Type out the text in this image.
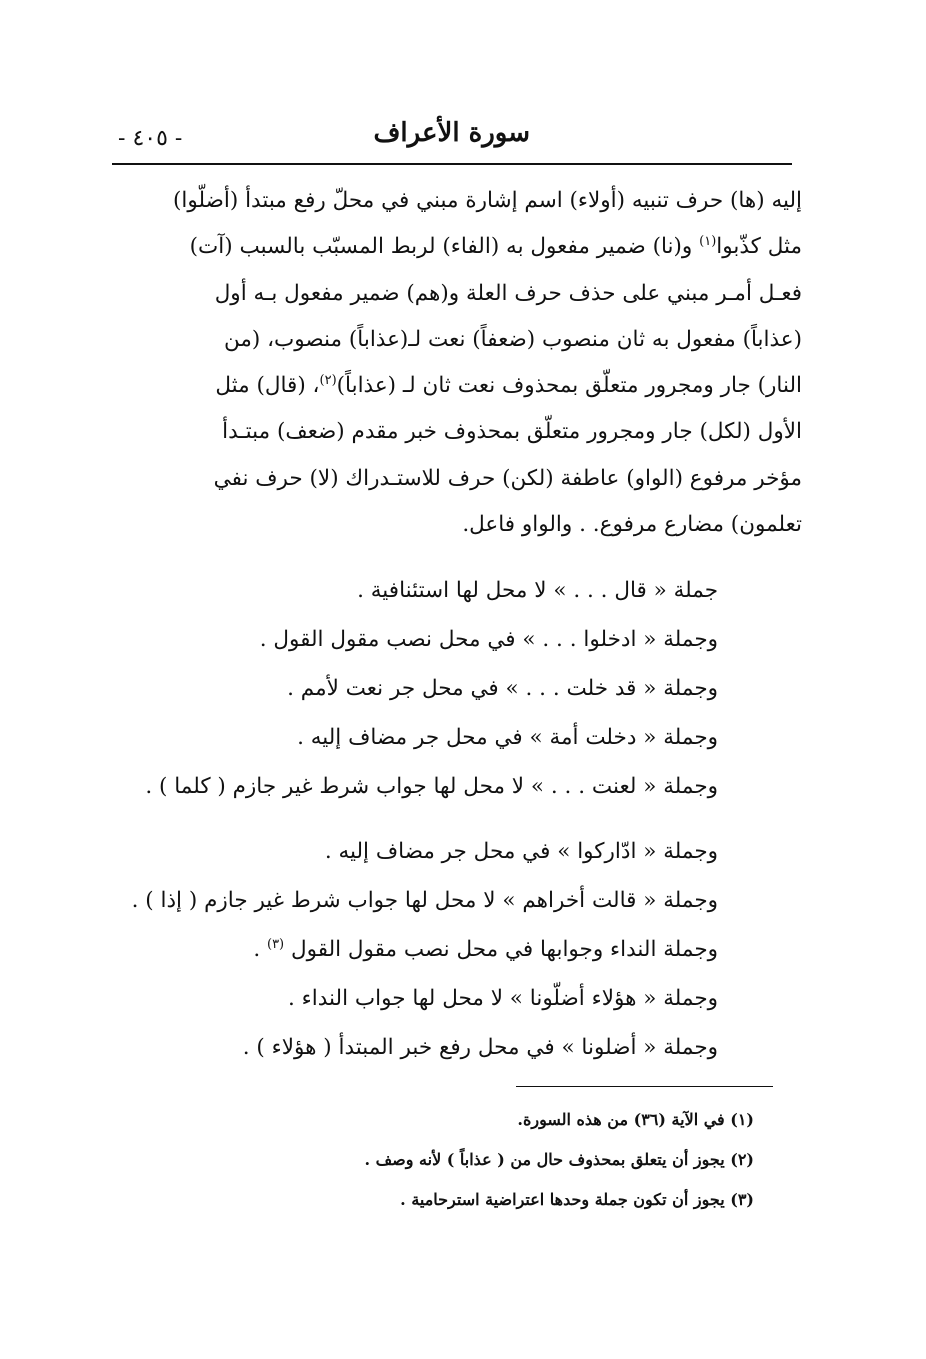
سورة الأعراف
- ٤٠٥ -
إليه (ها) حرف تنبيه (أولاء) اسم إشارة مبني في محلّ رفع مبتدأ (أضلّوا)
مثل كذّبوا$^{(١)}$ و(نا) ضمير مفعول به (الفاء) لربط المسبّب بالسبب (آت)
فعـل أمـر مبني على حذف حرف العلة و(هم) ضمير مفعول بـه أول
(عذاباً) مفعول به ثان منصوب (ضعفاً) نعت لـ(عذاباً) منصوب، (من
النار) جار ومجرور متعلّق بمحذوف نعت ثان لـ (عذاباً)$^{(٢)}$، (قال) مثل
الأول (لكل) جار ومجرور متعلّق بمحذوف خبر مقدم (ضعف) مبتـدأ
مؤخر مرفوع (الواو) عاطفة (لكن) حرف للاستـدراك (لا) حرف نفي
تعلمون) مضارع مرفوع. . والواو فاعل.
جملة « قال . . . » لا محل لها استئنافية .
وجملة « ادخلوا . . . » في محل نصب مقول القول .
وجملة « قد خلت . . . » في محل جر نعت لأمم .
وجملة « دخلت أمة » في محل جر مضاف إليه .
وجملة « لعنت . . . » لا محل لها جواب شرط غير جازم ( كلما ) .
وجملة « ادّاركوا » في محل جر مضاف إليه .
وجملة « قالت أخراهم » لا محل لها جواب شرط غير جازم ( إذا ) .
وجملة النداء وجوابها في محل نصب مقول القول $^{(٣)}$ .
وجملة « هؤلاء أضلّونا » لا محل لها جواب النداء .
وجملة « أضلونا » في محل رفع خبر المبتدأ ( هؤلاء ) .
(١) في الآية (٣٦) من هذه السورة.
(٢) يجوز أن يتعلق بمحذوف حال من ( عذاباً ) لأنه وصف .
(٣) يجوز أن تكون جملة وحدها اعتراضية استرحامية .
